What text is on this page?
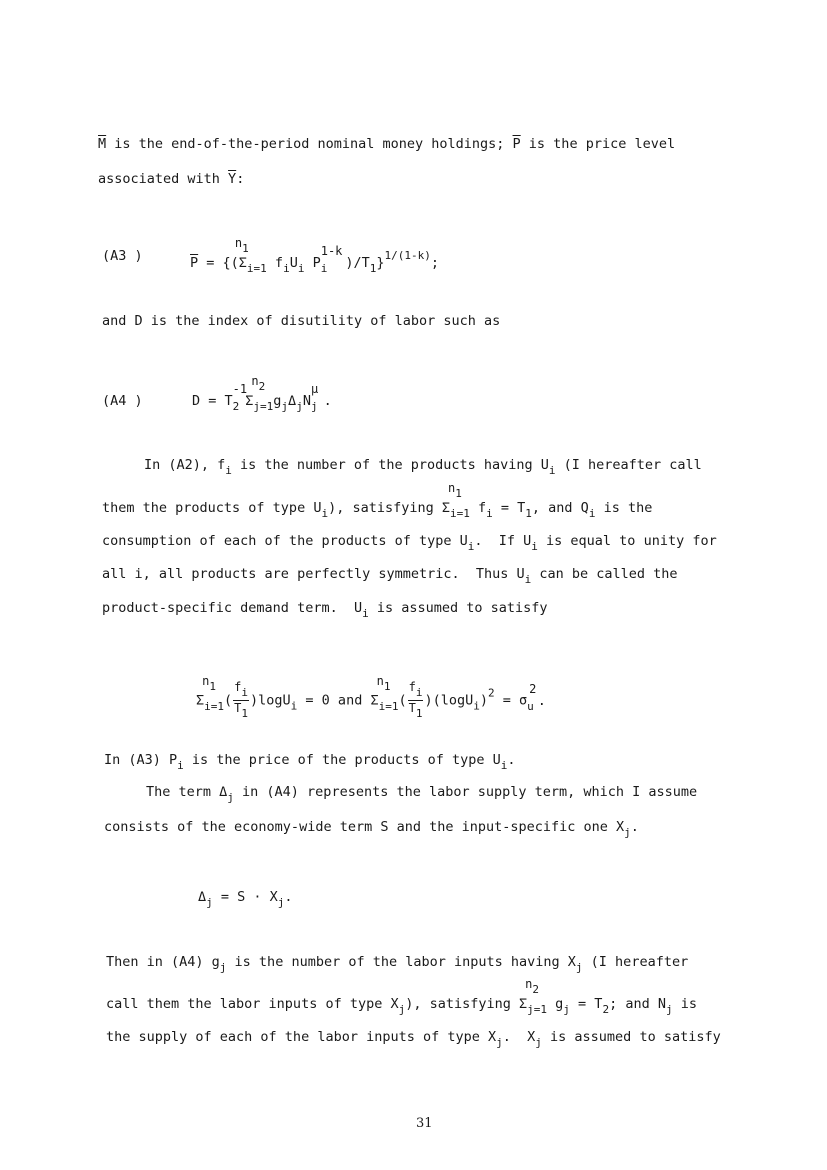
$\overline{M}$ is the end-of-the-period nominal money holdings; $\overline{P}$ is the price level
associated with $\overline{Y}$:
(A3 )	$\overline{P} = \{(\Sigma$
n1
$_{i=1}$ $f_iU_i$ P
1-k
$_i$ )$/T_1\}^{1/(1-k)}$;
and D is the index of disutility of labor such as
(A4 )	D = T
-1
$_2$ Σ
n2
$_{j=1}g_j\Delta_jN$
μ
$_j$ .
In (A2), $f_i$ is the number of the products having $U_i$ (I hereafter call
them the products of type $U_i$), satisfying Σ
n1
$_{i=1}$ $f_i = T_1$, and $Q_i$ is the
consumption of each of the products of type $U_i$.  If $U_i$ is equal to unity for
all i, all products are perfectly symmetric.  Thus $U_i$ can be called the
product-specific demand term.  $U_i$ is assumed to satisfy
Σ
n1
$_{i=1}( \frac{fi}{T1} )\log U_i = 0$ and Σ
n1
$_{i=1}( \frac{fi}{T1} )(\log U_i)^2 = \sigma$
2
$_u$ .
In (A3) $P_i$ is the price of the products of type $U_i$.
The term $\Delta_j$ in (A4) represents the labor supply term, which I assume
consists of the economy-wide term S and the input-specific one $X_j$.
$\Delta_j = S \cdot X_j$.
Then in (A4) $g_j$ is the number of the labor inputs having $X_j$ (I hereafter
call them the labor inputs of type $X_j$), satisfying Σ
n2
$_{j=1}$ $g_j = T_2$; and $N_j$ is
the supply of each of the labor inputs of type $X_j$.  $X_j$ is assumed to satisfy
31
